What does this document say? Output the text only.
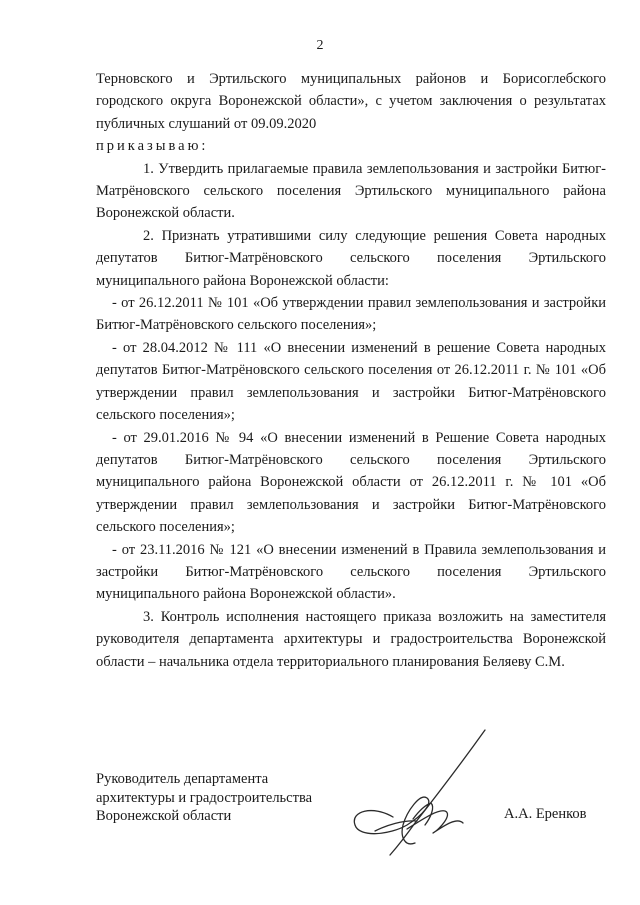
2

Терновского и Эртильского муниципальных районов и Борисоглебского городского округа Воронежской области», с учетом заключения о результатах публичных слушаний от 09.09.2020

приказываю:

1. Утвердить прилагаемые правила землепользования и застройки Битюг-Матрёновского сельского поселения Эртильского муниципального района Воронежской области.

2. Признать утратившими силу следующие решения Совета народных депутатов Битюг-Матрёновского сельского поселения Эртильского муниципального района Воронежской области:

- от 26.12.2011 № 101 «Об утверждении правил землепользования и застройки Битюг-Матрёновского сельского поселения»;

- от 28.04.2012 № 111 «О внесении изменений в решение Совета народных депутатов Битюг-Матрёновского сельского поселения от 26.12.2011 г. № 101 «Об утверждении правил землепользования и застройки Битюг-Матрёновского сельского поселения»;

- от 29.01.2016 № 94 «О внесении изменений в Решение Совета народных депутатов Битюг-Матрёновского сельского поселения Эртильского муниципального района Воронежской области от 26.12.2011 г. № 101 «Об утверждении правил землепользования и застройки Битюг-Матрёновского сельского поселения»;

- от 23.11.2016 № 121 «О внесении изменений в Правила землепользования и застройки Битюг-Матрёновского сельского поселения Эртильского муниципального района Воронежской области».

3. Контроль исполнения настоящего приказа возложить на заместителя руководителя департамента архитектуры и градостроительства Воронежской области – начальника отдела территориального планирования Беляеву С.М.

Руководитель департамента
архитектуры и градостроительства
Воронежской области	А.А. Еренков
